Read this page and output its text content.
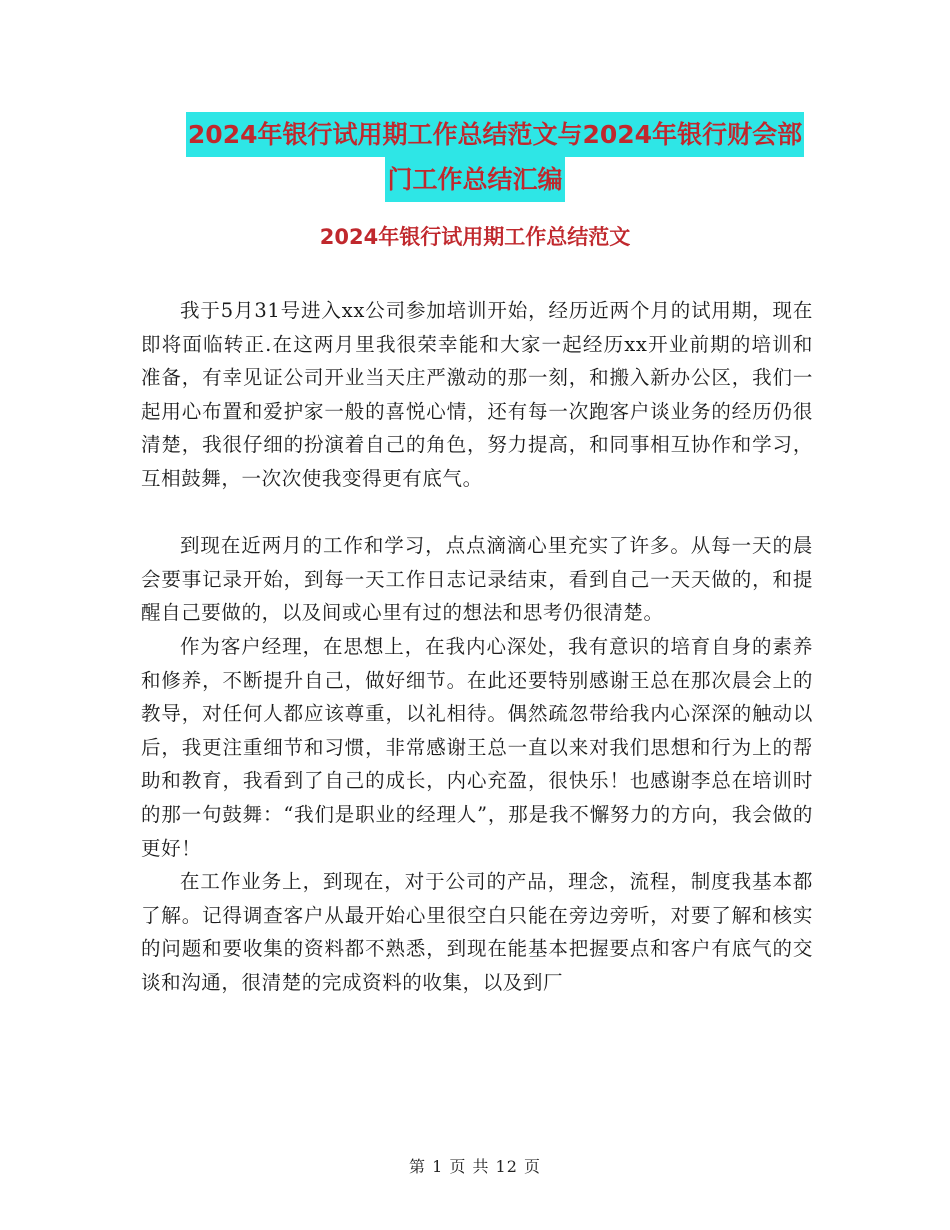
2024年银行试用期工作总结范文与2024年银行财会部
门工作总结汇编
2024年银行试用期工作总结范文

我于5月31号进入xx公司参加培训开始，经历近两个月的试用期，现在即将面临转正.在这两月里我很荣幸能和大家一起经历xx开业前期的培训和准备，有幸见证公司开业当天庄严激动的那一刻，和搬入新办公区，我们一起用心布置和爱护家一般的喜悦心情，还有每一次跑客户谈业务的经历仍很清楚，我很仔细的扮演着自己的角色，努力提高，和同事相互协作和学习，互相鼓舞，一次次使我变得更有底气。

到现在近两月的工作和学习，点点滴滴心里充实了许多。从每一天的晨会要事记录开始，到每一天工作日志记录结束，看到自己一天天做的，和提醒自己要做的，以及间或心里有过的想法和思考仍很清楚。

作为客户经理，在思想上，在我内心深处，我有意识的培育自身的素养和修养，不断提升自己，做好细节。在此还要特别感谢王总在那次晨会上的教导，对任何人都应该尊重，以礼相待。偶然疏忽带给我内心深深的触动以后，我更注重细节和习惯，非常感谢王总一直以来对我们思想和行为上的帮助和教育，我看到了自己的成长，内心充盈，很快乐！也感谢李总在培训时的那一句鼓舞：“我们是职业的经理人”，那是我不懈努力的方向，我会做的更好！

在工作业务上，到现在，对于公司的产品，理念，流程，制度我基本都了解。记得调查客户从最开始心里很空白只能在旁边旁听，对要了解和核实的问题和要收集的资料都不熟悉，到现在能基本把握要点和客户有底气的交谈和沟通，很清楚的完成资料的收集，以及到厂

第 1 页 共 12 页
